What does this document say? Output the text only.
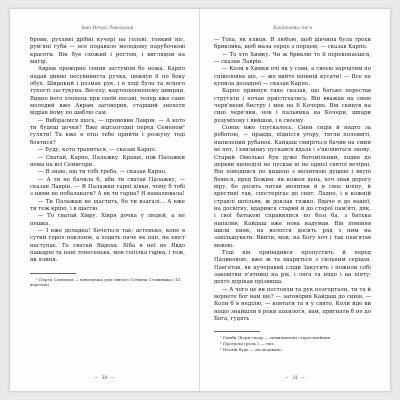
Іван Нечуй-Левицький

брови, рухливі дрібні кучері на голові, тонкий ніс, рум'яні губи — все подавало молодому парубочкові красоти. Він був схожий і ростом, і виглядом на матір.

Аврам проворно сонив застумом бо ножа. Карпо надав дивно несувиниста ручка, цюкнув її по боку обух. Широкий і розмах рук, і в ході була та ясного тупості застукуна. Веселу, картоохопненому швирни. Видно його хлопець при своїй посаві, тепер вже саме молодий вже Аврам заговорив, старший знехотя відрав йому по шаблю сам.

— Вибіралися щось, — промовив Лаврін. — А кото ти будеш дочки? Вже відсьогодні перед Семеном¹ гуляти! Та вже в отці тебе прийти і розкупу тоді боятися?

— Буду, кото трапиться, — сказав Карпо.

— Сватай, Карпе, Палажку. Краще, ніж Палажки нема на всі Семигори.

— Я знаю, що ти тобі треба, — сказав Карпо.

— А ти не бачила б, аби ти сватав Палажку, — сказав Лаврін. — Я Палажки гарні дівки, чому б тобі з ними не побалакати? А як ти гарна? Я намалювала!

— Ти Палажки не щастить, бо ти взагалі... А вже ти теж кріпо, і в щастю.

— То сватай Хівру. Хівря дочка у людей, а не пешка.

— І вже доладна! Хочеться так: астенько, коне в сутий горох поклонів, а ходить паче як пан, на хвіст наступає. То сватай Явдоха. Хіба в неї не Явдо пашарні та пані тонесенька, мов сопілка гарна, і теж, як ялиця.

¹ Перед Семеном — невеличка для святого Семена Стовпника (14 вересня).

~ 30 ~
Кайдашева сім'я

— Тоха, як ялиця. Я любою, щоб дівчина була трохи бриклива, щоб мала серце з перцем, — сказав Карпо.

— То хто Химку. Чи ж бриклю то її переконаєшся, — сказав Лаврін.

— Коли в Химки очі як у сови, а своєю харчатим по співоловна що, — же вийте вінниці кусати! — Все не купила доладної — сказав Карпо.

Карпо привнув таке сказав, що батько перестав стругати і почав прислухатись. Він вважав на свою черв'якові бистру і мов на її Кочерю. Він скинув на сині черв'яки, нов і пальника на Кочери, шпари розуміхову і вийшов, і в своєму.

Сонце вже спускалось. Сини сидів й надто за роботою, — правда, піднісся угору, тягли поломиті, напилений рубанок. Кайдаш смиріться бачив на смин ве пот, і хвилинку пускався вдаль і з'являються знову. Старий Омелько був дуже богомільний, ходив до церкви щонеділі не пускав ні не однієї святої вечірні. Він поводився по кишені з молитвою душею і вкупі боявся, пред Божим, як кожен день, хоч знав дорогу віру, бо досить читав молитви й в своє мліну, й хрестині так, спостерігає до свят. Ладно, і в кожній стравлі шпільви, ж доклав тяжко. Вдаче я до вашої, на досвітку, вдарився старий й до старої пам'яті, дяк, і свої батькові справилися по бозі ба, з батька напалив, Кайдаш вже нова надумав. Він поміняв шили пияк, на волосся досить ряд з ним на завільшувати. Вийти, мок, на Богу хоч і так пам'ятав мовою.

Тоді він принадився пропустить й перед Паликовою, вже ж та вдариться з сильним серцем. Пам'ятав, як кучерявий сліди Закусить і пожили собі заковітки п'ятниці на рік, і ляга та ніщо і на піяту; дехто дорікав прізвища.

— А чого це ви постояли та рук позгортали, ти та й вернете бог вам ще? — заговорив Кайдаш до синів. — Коли б в неділю, — ковтати та я у свято. Коли йде ви нащо знайшли в роки пахилося, вам, пригнати б не до Бога, гудять

¹ Рамби (Бори сходу — невичавлені старосімейних.

² Прогріли (розк.) — світ.

³ Несвій будь — несподівано.

~ 31 ~
